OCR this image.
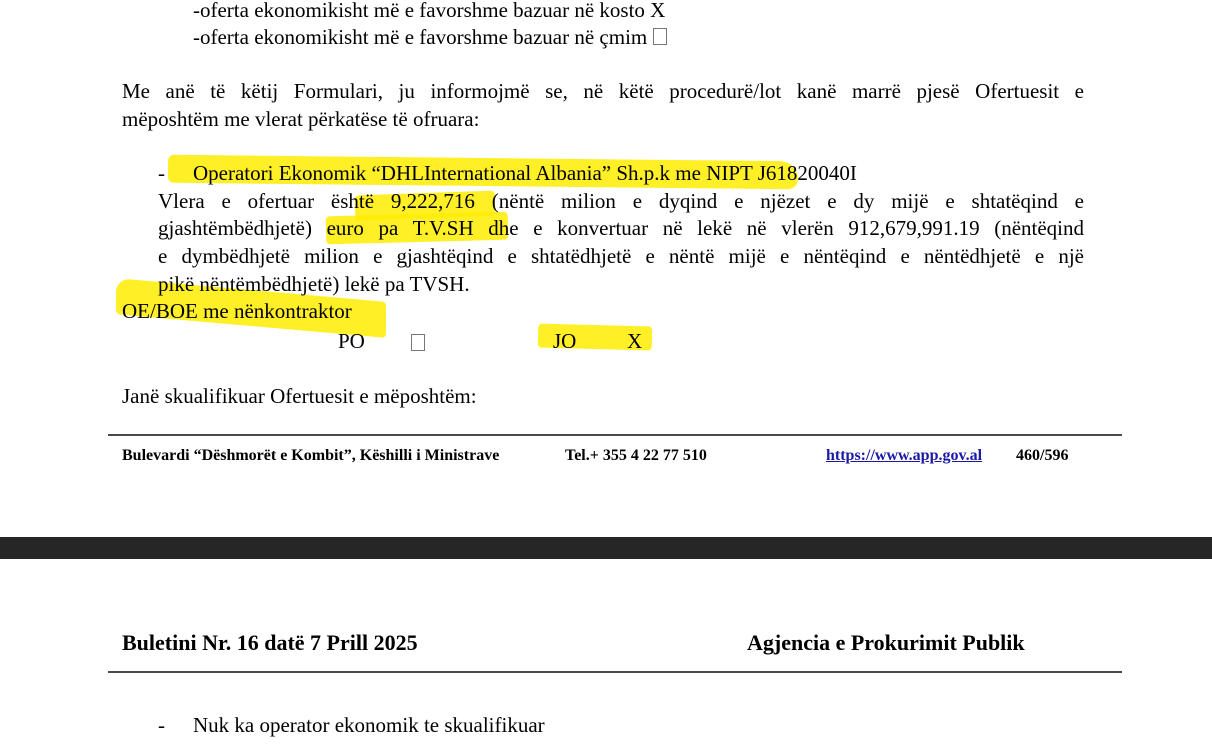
-oferta ekonomikisht më e favorshme bazuar në kosto X
-oferta ekonomikisht më e favorshme bazuar në çmim
Me anë të këtij Formulari, ju informojmë se, në këtë procedurë/lot kanë marrë pjesë Ofertuesit e
mëposhtëm me vlerat përkatëse të ofruara:
- Operatori Ekonomik “DHLInternational Albania” Sh.p.k me NIPT J61820040I
Vlera e ofertuar është 9,222,716 (nëntë milion e dyqind e njëzet e dy mijë e shtatëqind e
gjashtëmbëdhjetë) euro pa T.V.SH dhe e konvertuar në lekë në vlerën 912,679,991.19 (nëntëqind
e dymbëdhjetë milion e gjashtëqind e shtatëdhjetë e nëntë mijë e nëntëqind e nëntëdhjetë e një
pikë nëntëmbëdhjetë) lekë pa TVSH.
OE/BOE me nënkontraktor
PO	JO X
Janë skualifikuar Ofertuesit e mëposhtëm:
Bulevardi “Dëshmorët e Kombit”, Këshilli i Ministrave	Tel.+ 355 4 22 77 510	https://www.app.gov.al 460/596
Buletini Nr. 16 datë 7 Prill 2025	Agjencia e Prokurimit Publik
- Nuk ka operator ekonomik te skualifikuar
